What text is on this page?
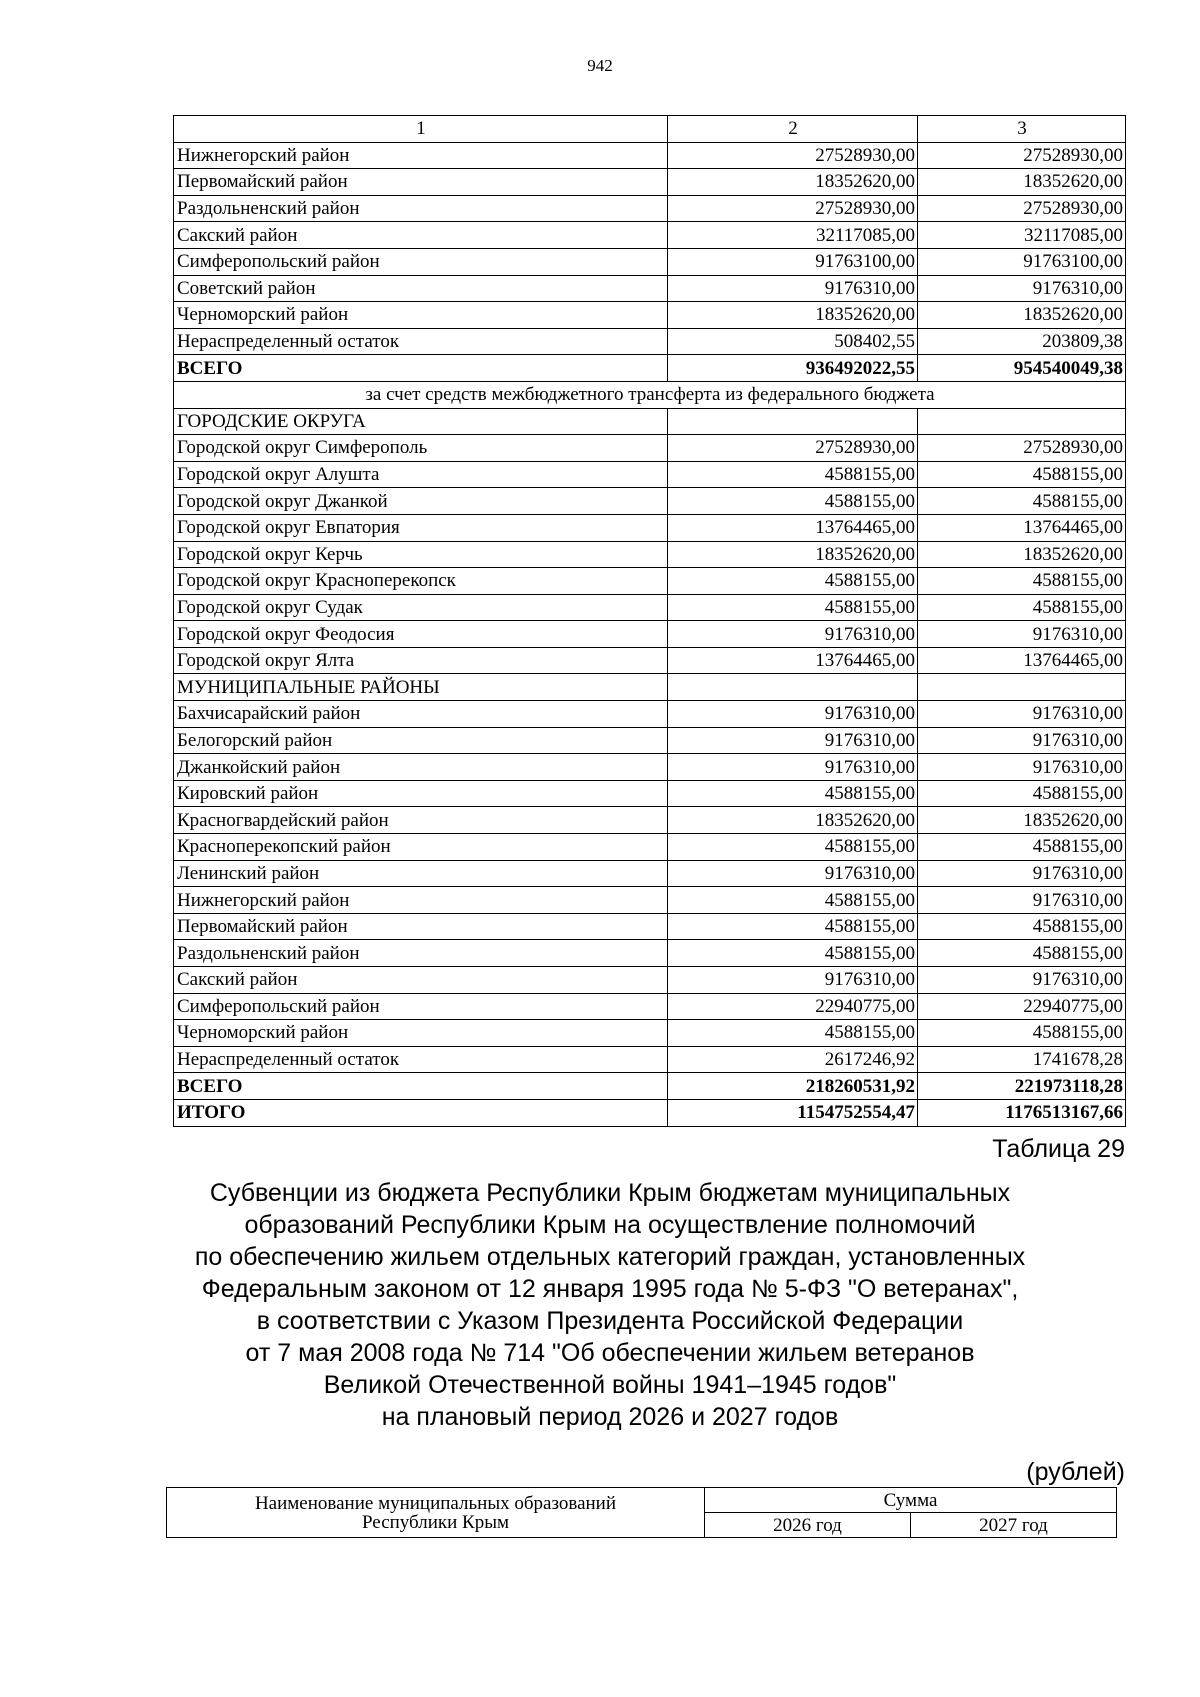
942
1	2	3
Нижнегорский район	27528930,00	27528930,00
Первомайский район	18352620,00	18352620,00
Раздольненский район	27528930,00	27528930,00
Сакский район	32117085,00	32117085,00
Симферопольский район	91763100,00	91763100,00
Советский район	9176310,00	9176310,00
Черноморский район	18352620,00	18352620,00
Нераспределенный остаток	508402,55	203809,38
ВСЕГО	936492022,55	954540049,38
за счет средств межбюджетного трансферта из федерального бюджета		
ГОРОДСКИЕ ОКРУГА		
Городской округ Симферополь	27528930,00	27528930,00
Городской округ Алушта	4588155,00	4588155,00
Городской округ Джанкой	4588155,00	4588155,00
Городской округ Евпатория	13764465,00	13764465,00
Городской округ Керчь	18352620,00	18352620,00
Городской округ Красноперекопск	4588155,00	4588155,00
Городской округ Судак	4588155,00	4588155,00
Городской округ Феодосия	9176310,00	9176310,00
Городской округ Ялта	13764465,00	13764465,00
МУНИЦИПАЛЬНЫЕ РАЙОНЫ		
Бахчисарайский район	9176310,00	9176310,00
Белогорский район	9176310,00	9176310,00
Джанкойский район	9176310,00	9176310,00
Кировский район	4588155,00	4588155,00
Красногвардейский район	18352620,00	18352620,00
Красноперекопский район	4588155,00	4588155,00
Ленинский район	9176310,00	9176310,00
Нижнегорский район	4588155,00	9176310,00
Первомайский район	4588155,00	4588155,00
Раздольненский район	4588155,00	4588155,00
Сакский район	9176310,00	9176310,00
Симферопольский район	22940775,00	22940775,00
Черноморский район	4588155,00	4588155,00
Нераспределенный остаток	2617246,92	1741678,28
ВСЕГО	218260531,92	221973118,28
ИТОГО	1154752554,47	1176513167,66
Таблица 29
Субвенции из бюджета Республики Крым бюджетам муниципальных
образований Республики Крым на осуществление полномочий
по обеспечению жильем отдельных категорий граждан, установленных
Федеральным законом от 12 января 1995 года № 5-ФЗ "О ветеранах",
в соответствии с Указом Президента Российской Федерации
от 7 мая 2008 года № 714 "Об обеспечении жильем ветеранов
Великой Отечественной войны 1941–1945 годов"
на плановый период 2026 и 2027 годов
(рублей)
Наименование муниципальных образований
Республики Крым	Сумма	
	2026 год	2027 год
